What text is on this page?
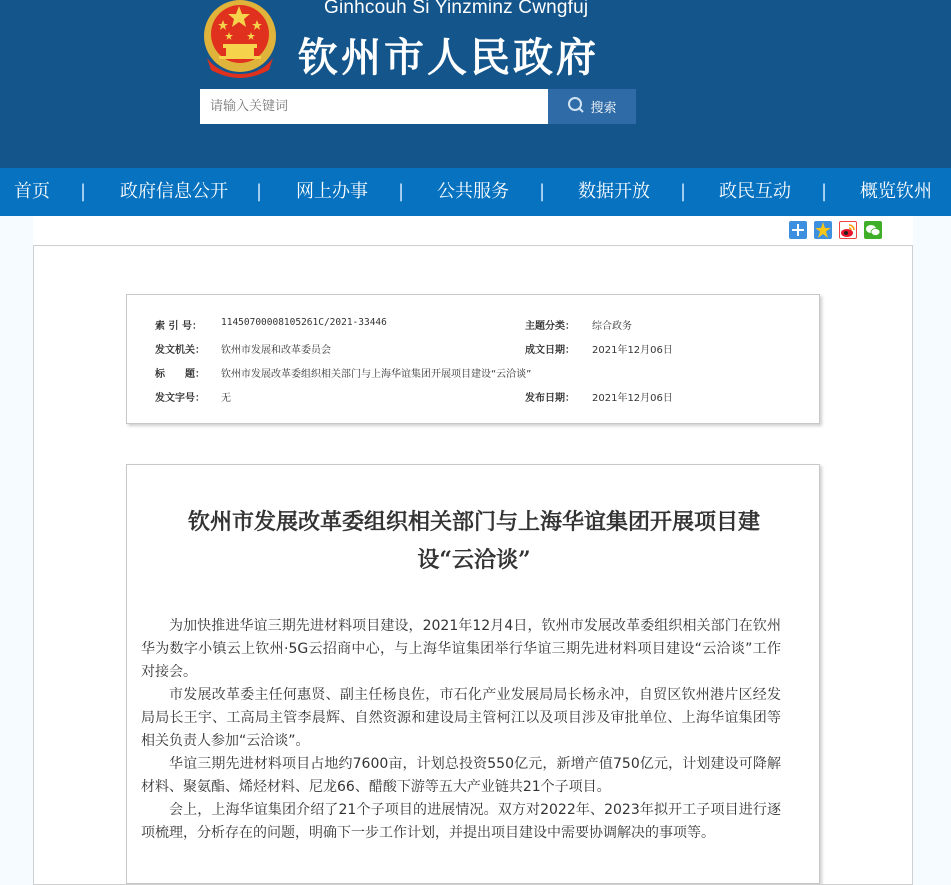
Ginhcouh Si Yinzminz Cwngfuj
钦州市人民政府
请输入关键词
搜索
首页 | 政府信息公开 | 网上办事 | 公共服务 | 数据开放 | 政民互动 | 概览钦州
索 引 号： 11450700008105261C/2021-33446	主题分类： 综合政务
发文机关： 钦州市发展和改革委员会	成文日期： 2021年12月06日
标　　题： 钦州市发展改革委组织相关部门与上海华谊集团开展项目建设“云洽谈”
发文字号： 无	发布日期： 2021年12月06日
钦州市发展改革委组织相关部门与上海华谊集团开展项目建设“云洽谈”

为加快推进华谊三期先进材料项目建设，2021年12月4日，钦州市发展改革委组织相关部门在钦州华为数字小镇云上钦州·5G云招商中心，与上海华谊集团举行华谊三期先进材料项目建设“云洽谈”工作对接会。

市发展改革委主任何惠贤、副主任杨良佐，市石化产业发展局局长杨永冲，自贸区钦州港片区经发局局长王宇、工高局主管李晨辉、自然资源和建设局主管柯江以及项目涉及审批单位、上海华谊集团等相关负责人参加“云洽谈”。

华谊三期先进材料项目占地约7600亩，计划总投资550亿元，新增产值750亿元，计划建设可降解材料、聚氨酯、烯烃材料、尼龙66、醋酸下游等五大产业链共21个子项目。

会上，上海华谊集团介绍了21个子项目的进展情况。双方对2022年、2023年拟开工子项目进行逐项梳理，分析存在的问题，明确下一步工作计划，并提出项目建设中需要协调解决的事项等。
